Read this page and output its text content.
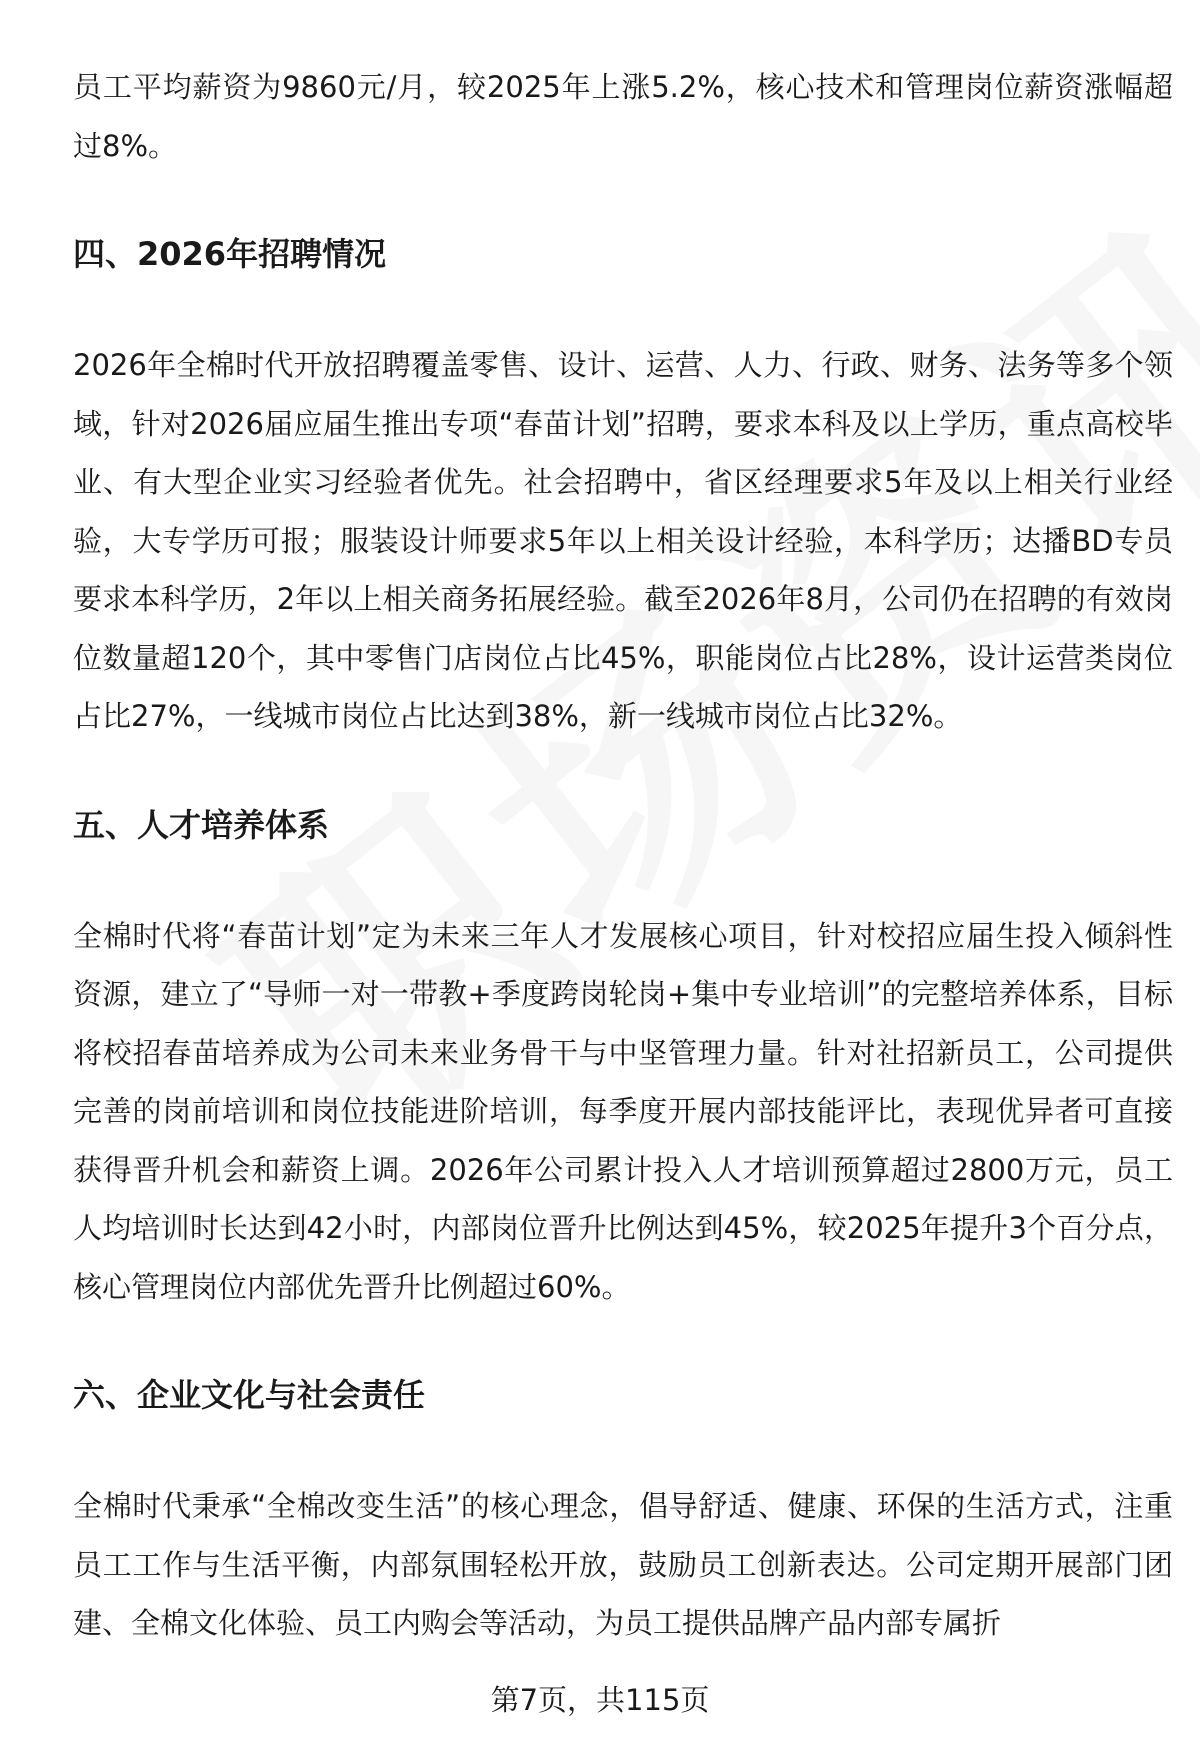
员工平均薪资为9860元/月，较2025年上涨5.2%，核心技术和管理岗位薪资涨幅超过8%。

四、2026年招聘情况

2026年全棉时代开放招聘覆盖零售、设计、运营、人力、行政、财务、法务等多个领域，针对2026届应届生推出专项“春苗计划”招聘，要求本科及以上学历，重点高校毕业、有大型企业实习经验者优先。社会招聘中，省区经理要求5年及以上相关行业经验，大专学历可报；服装设计师要求5年以上相关设计经验，本科学历；达播BD专员要求本科学历，2年以上相关商务拓展经验。截至2026年8月，公司仍在招聘的有效岗位数量超120个，其中零售门店岗位占比45%，职能岗位占比28%，设计运营类岗位占比27%，一线城市岗位占比达到38%，新一线城市岗位占比32%。

五、人才培养体系

全棉时代将“春苗计划”定为未来三年人才发展核心项目，针对校招应届生投入倾斜性资源，建立了“导师一对一带教+季度跨岗轮岗+集中专业培训”的完整培养体系，目标将校招春苗培养成为公司未来业务骨干与中坚管理力量。针对社招新员工，公司提供完善的岗前培训和岗位技能进阶培训，每季度开展内部技能评比，表现优异者可直接获得晋升机会和薪资上调。2026年公司累计投入人才培训预算超过2800万元，员工人均培训时长达到42小时，内部岗位晋升比例达到45%，较2025年提升3个百分点，核心管理岗位内部优先晋升比例超过60%。

六、企业文化与社会责任

全棉时代秉承“全棉改变生活”的核心理念，倡导舒适、健康、环保的生活方式，注重员工工作与生活平衡，内部氛围轻松开放，鼓励员工创新表达。公司定期开展部门团建、全棉文化体验、员工内购会等活动，为员工提供品牌产品内部专属折

第7页，共115页
